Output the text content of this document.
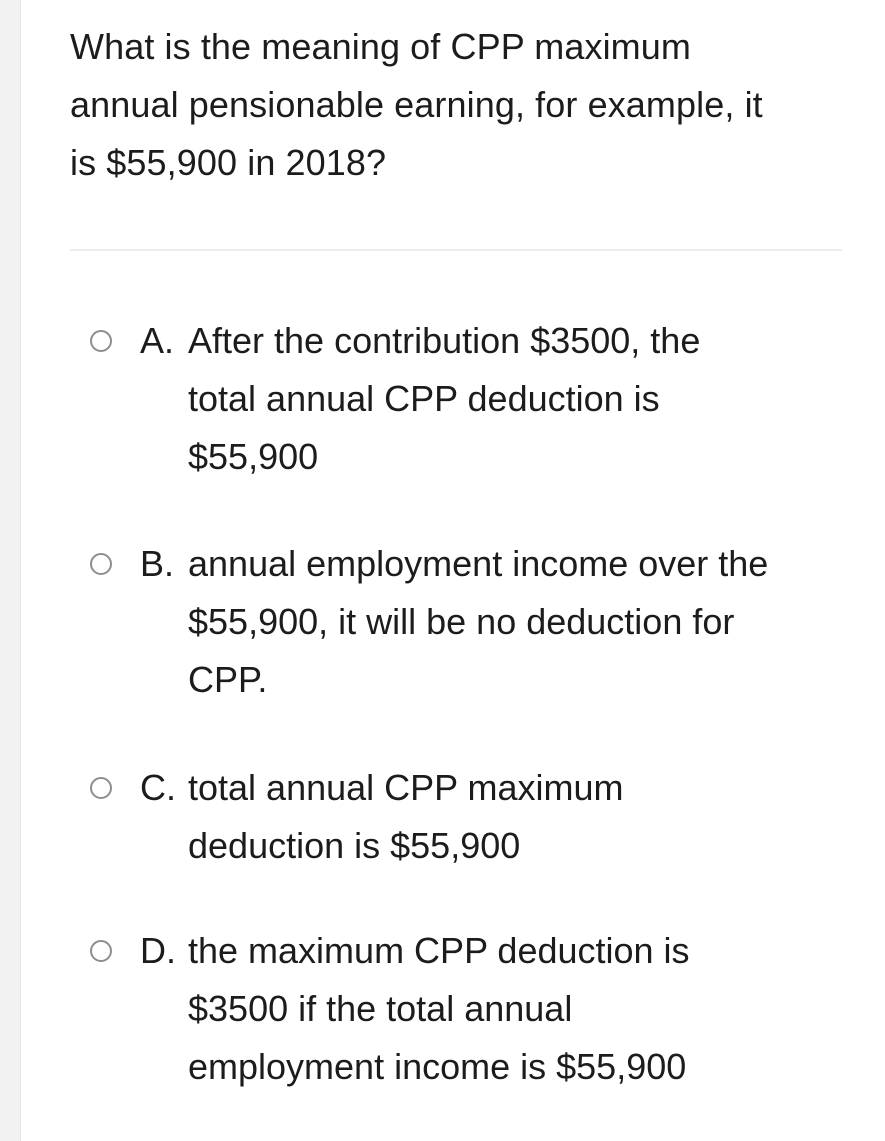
What is the meaning of CPP maximum
annual pensionable earning, for example, it
is $55,900 in 2018?
A. After the contribution $3500, the
total annual CPP deduction is
$55,900
B. annual employment income over the
$55,900, it will be no deduction for
CPP.
C. total annual CPP maximum
deduction is $55,900
D. the maximum CPP deduction is
$3500 if the total annual
employment income is $55,900
